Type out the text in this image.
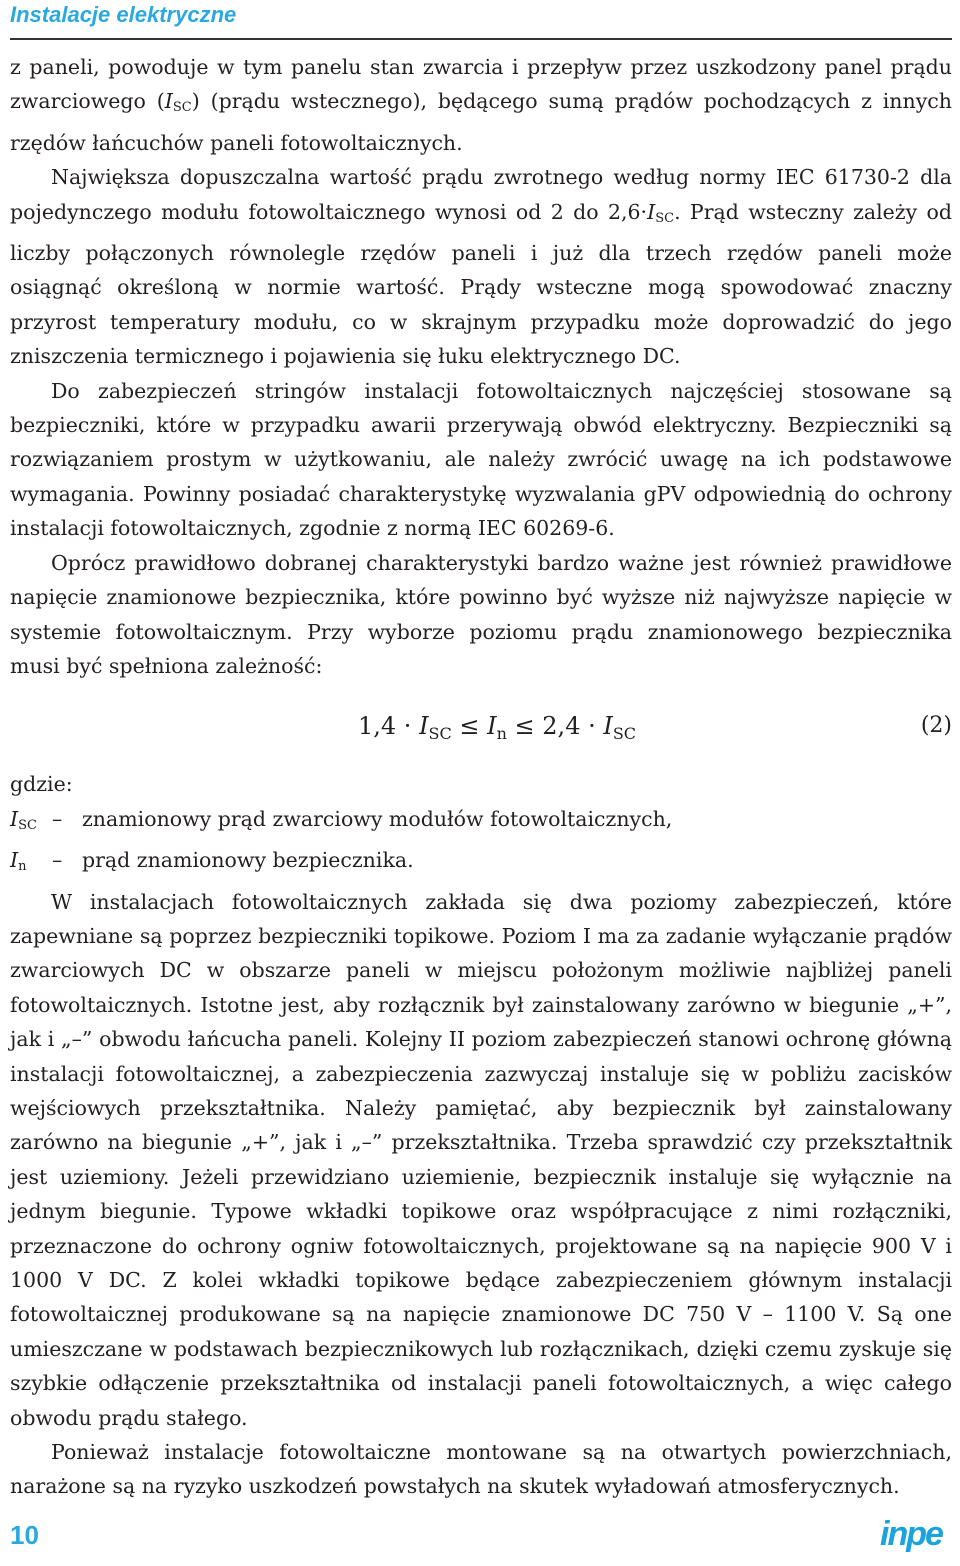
Instalacje elektryczne

z paneli, powoduje w tym panelu stan zwarcia i przepływ przez uszkodzony panel prądu zwarciowego $(I_{SC})$ (prądu wstecznego), będącego sumą prądów pochodzących z innych rzędów łańcuchów paneli fotowoltaicznych.

Największa dopuszczalna wartość prądu zwrotnego według normy IEC 61730-2 dla pojedynczego modułu fotowoltaicznego wynosi od 2 do $2,6\cdot I_{SC}$. Prąd wsteczny zależy od liczby połączonych równolegle rzędów paneli i już dla trzech rzędów paneli może osiągnąć określoną w normie wartość. Prądy wsteczne mogą spowodować znaczny przyrost temperatury modułu, co w skrajnym przypadku może doprowadzić do jego zniszczenia termicznego i pojawienia się łuku elektrycznego DC.

Do zabezpieczeń stringów instalacji fotowoltaicznych najczęściej stosowane są bezpieczniki, które w przypadku awarii przerywają obwód elektryczny. Bezpieczniki są rozwiązaniem prostym w użytkowaniu, ale należy zwrócić uwagę na ich podstawowe wymagania. Powinny posiadać charakterystykę wyzwalania gPV odpowiednią do ochrony instalacji fotowoltaicznych, zgodnie z normą IEC 60269-6.

Oprócz prawidłowo dobranej charakterystyki bardzo ważne jest również prawidłowe napięcie znamionowe bezpiecznika, które powinno być wyższe niż najwyższe napięcie w systemie fotowoltaicznym. Przy wyborze poziomu prądu znamionowego bezpiecznika musi być spełniona zależność:

$1,4 \cdot I_{SC} \le I_n \le 2,4 \cdot I_{SC}$	(2)

gdzie:

$I_{SC}$ – znamionowy prąd zwarciowy modułów fotowoltaicznych,

$I_n$ – prąd znamionowy bezpiecznika.

W instalacjach fotowoltaicznych zakłada się dwa poziomy zabezpieczeń, które zapewniane są poprzez bezpieczniki topikowe. Poziom I ma za zadanie wyłączanie prądów zwarciowych DC w obszarze paneli w miejscu położonym możliwie najbliżej paneli fotowoltaicznych. Istotne jest, aby rozłącznik był zainstalowany zarówno w biegunie „+”, jak i „–” obwodu łańcucha paneli. Kolejny II poziom zabezpieczeń stanowi ochronę główną instalacji fotowoltaicznej, a zabezpieczenia zazwyczaj instaluje się w pobliżu zacisków wejściowych przekształtnika. Należy pamiętać, aby bezpiecznik był zainstalowany zarówno na biegunie „+”, jak i „–” przekształtnika. Trzeba sprawdzić czy przekształtnik jest uziemiony. Jeżeli przewidziano uziemienie, bezpiecznik instaluje się wyłącznie na jednym biegunie. Typowe wkładki topikowe oraz współpracujące z nimi rozłączniki, przeznaczone do ochrony ogniw fotowoltaicznych, projektowane są na napięcie 900 V i 1000 V DC. Z kolei wkładki topikowe będące zabezpieczeniem głównym instalacji fotowoltaicznej produkowane są na napięcie znamionowe DC 750 V – 1100 V. Są one umieszczane w podstawach bezpiecznikowych lub rozłącznikach, dzięki czemu zyskuje się szybkie odłączenie przekształtnika od instalacji paneli fotowoltaicznych, a więc całego obwodu prądu stałego.

Ponieważ instalacje fotowoltaiczne montowane są na otwartych powierzchniach, narażone są na ryzyko uszkodzeń powstałych na skutek wyładowań atmosferycznych.

10	inpe
